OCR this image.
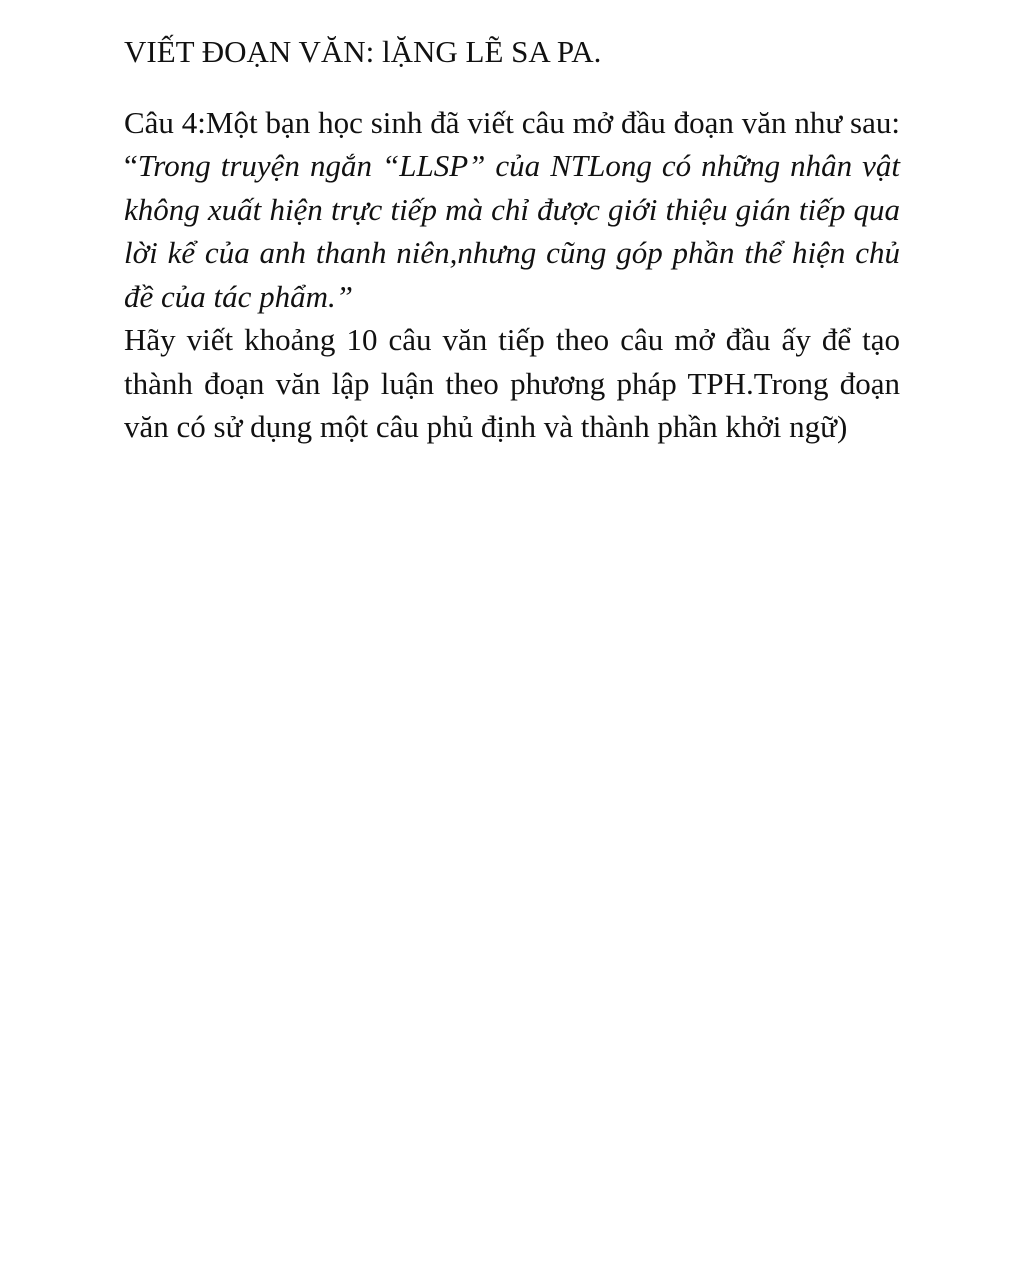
VIẾT ĐOẠN VĂN: lẶNG LẼ SA PA.

Câu 4:Một bạn học sinh đã viết câu mở đầu đoạn văn như sau: “Trong truyện ngắn “LLSP” của NTLong có những nhân vật không xuất hiện trực tiếp mà chỉ được giới thiệu gián tiếp qua lời kể của anh thanh niên,nhưng cũng góp phần thể hiện chủ đề của tác phẩm.”

Hãy viết khoảng 10 câu văn tiếp theo câu mở đầu ấy để tạo thành đoạn văn lập luận theo phương pháp TPH.Trong đoạn văn có sử dụng một câu phủ định và thành phần khởi ngữ)
